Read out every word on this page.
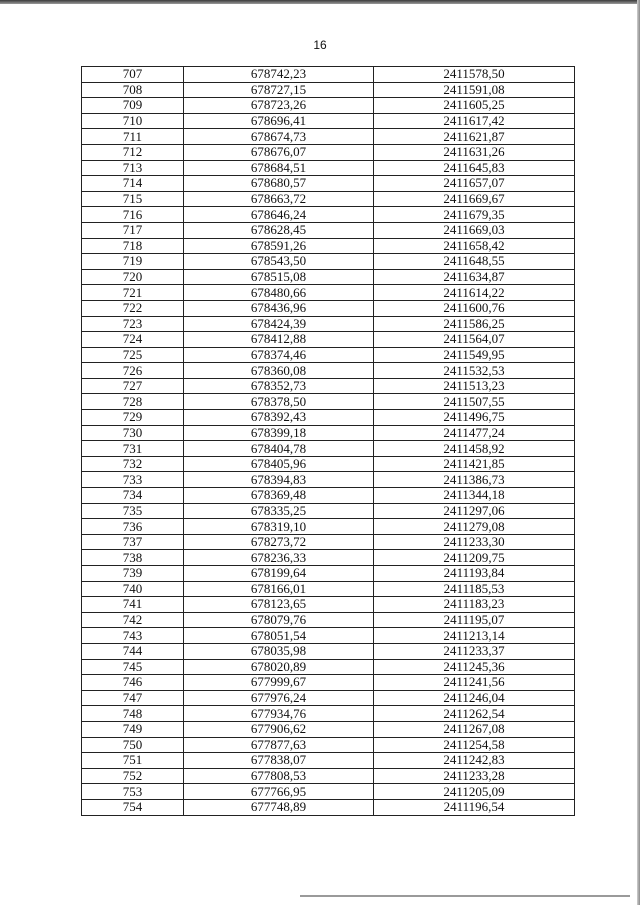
16
707	678742,23	2411578,50
708	678727,15	2411591,08
709	678723,26	2411605,25
710	678696,41	2411617,42
711	678674,73	2411621,87
712	678676,07	2411631,26
713	678684,51	2411645,83
714	678680,57	2411657,07
715	678663,72	2411669,67
716	678646,24	2411679,35
717	678628,45	2411669,03
718	678591,26	2411658,42
719	678543,50	2411648,55
720	678515,08	2411634,87
721	678480,66	2411614,22
722	678436,96	2411600,76
723	678424,39	2411586,25
724	678412,88	2411564,07
725	678374,46	2411549,95
726	678360,08	2411532,53
727	678352,73	2411513,23
728	678378,50	2411507,55
729	678392,43	2411496,75
730	678399,18	2411477,24
731	678404,78	2411458,92
732	678405,96	2411421,85
733	678394,83	2411386,73
734	678369,48	2411344,18
735	678335,25	2411297,06
736	678319,10	2411279,08
737	678273,72	2411233,30
738	678236,33	2411209,75
739	678199,64	2411193,84
740	678166,01	2411185,53
741	678123,65	2411183,23
742	678079,76	2411195,07
743	678051,54	2411213,14
744	678035,98	2411233,37
745	678020,89	2411245,36
746	677999,67	2411241,56
747	677976,24	2411246,04
748	677934,76	2411262,54
749	677906,62	2411267,08
750	677877,63	2411254,58
751	677838,07	2411242,83
752	677808,53	2411233,28
753	677766,95	2411205,09
754	677748,89	2411196,54
